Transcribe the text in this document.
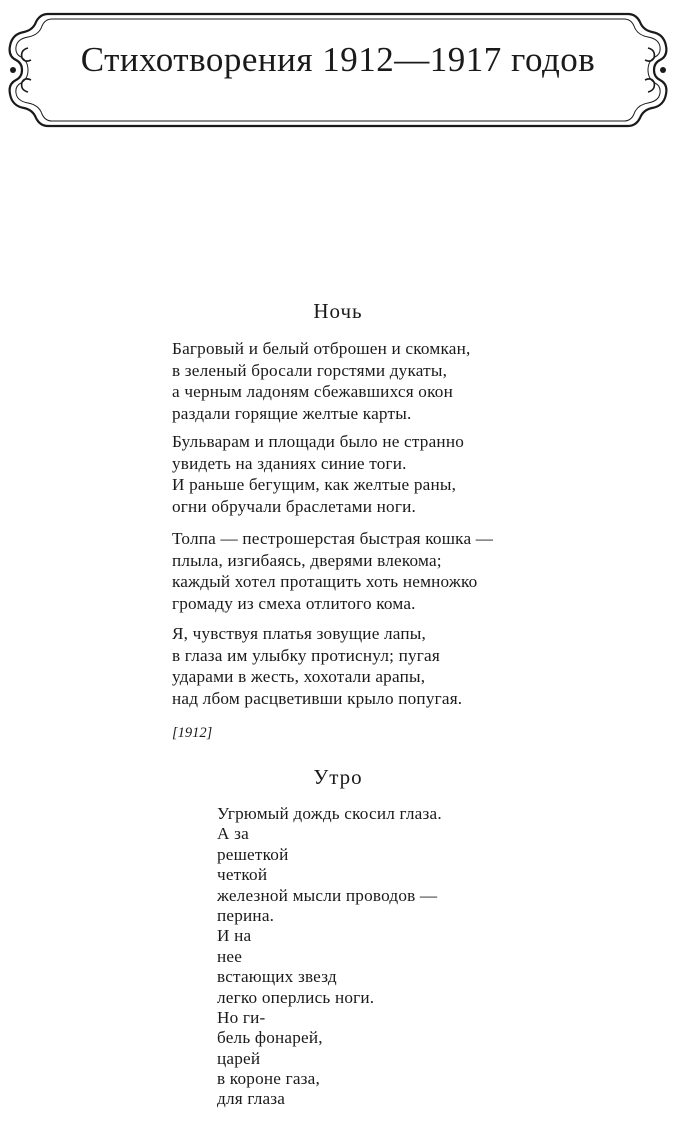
Стихотворения 1912—1917 годов
Ночь
Багровый и белый отброшен и скомкан,
в зеленый бросали горстями дукаты,
а черным ладоням сбежавшихся окон
раздали горящие желтые карты.
Бульварам и площади было не странно
увидеть на зданиях синие тоги.
И раньше бегущим, как желтые раны,
огни обручали браслетами ноги.
Толпа — пестрошерстая быстрая кошка —
плыла, изгибаясь, дверями влекома;
каждый хотел протащить хоть немножко
громаду из смеха отлитого кома.
Я, чувствуя платья зовущие лапы,
в глаза им улыбку протиснул; пугая
ударами в жесть, хохотали арапы,
над лбом расцветивши крыло попугая.
[1912]
Утро
Угрюмый дождь скосил глаза.
А за
решеткой
четкой
железной мысли проводов —
перина.
И на
нее
встающих звезд
легко оперлись ноги.
Но ги-
бель фонарей,
царей
в короне газа,
для глаза
